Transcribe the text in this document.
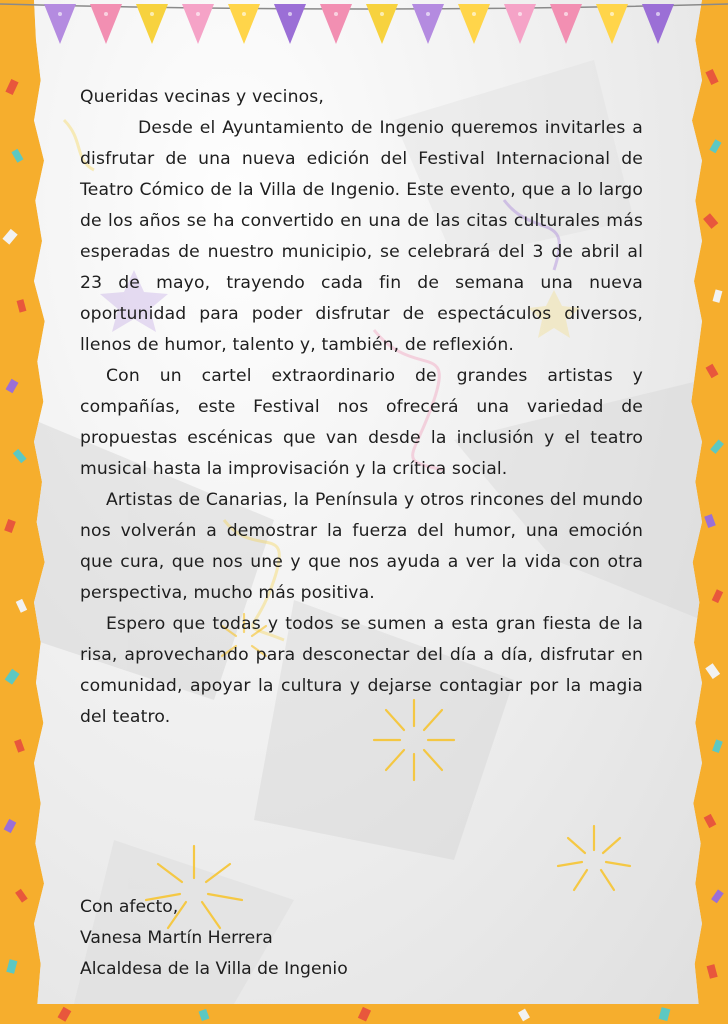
Queridas vecinas y vecinos,

Desde el Ayuntamiento de Ingenio queremos invitarles a disfrutar de una nueva edición del Festival Internacional de Teatro Cómico de la Villa de Ingenio. Este evento, que a lo largo de los años se ha convertido en una de las citas culturales más esperadas de nuestro municipio, se celebrará del 3 de abril al 23 de mayo, trayendo cada fin de semana una nueva oportunidad para poder disfrutar de espectáculos diversos, llenos de humor, talento y, también, de reflexión.

Con un cartel extraordinario de grandes artistas y compañías, este Festival nos ofrecerá una variedad de propuestas escénicas que van desde la inclusión y el teatro musical hasta la improvisación y la crítica social.

Artistas de Canarias, la Península y otros rincones del mundo nos volverán a demostrar la fuerza del humor, una emoción que cura, que nos une y que nos ayuda a ver la vida con otra perspectiva, mucho más positiva.

Espero que todas y todos se sumen a esta gran fiesta de la risa, aprovechando para desconectar del día a día, disfrutar en comunidad, apoyar la cultura y dejarse contagiar por la magia del teatro.

Con afecto,
Vanesa Martín Herrera
Alcaldesa de la Villa de Ingenio
